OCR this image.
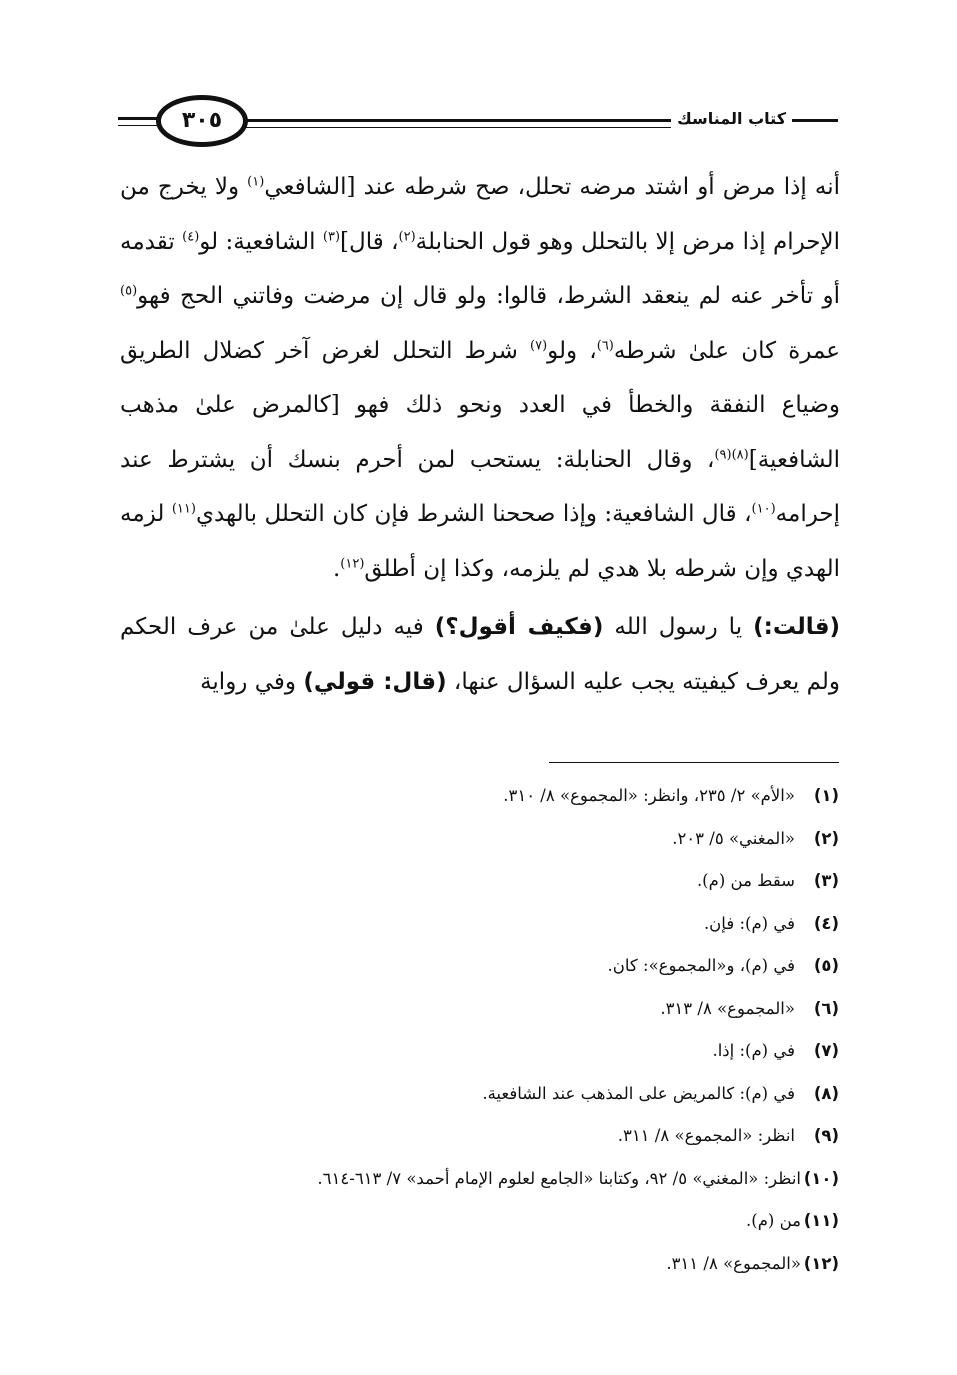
٣٠٥	كتاب المناسك

أنه إذا مرض أو اشتد مرضه تحلل، صح شرطه عند [الشافعي$^{(١)}$ ولا يخرج من الإحرام إذا مرض إلا بالتحلل وهو قول الحنابلة$^{(٢)}$، قال]$^{(٣)}$ الشافعية: لو$^{(٤)}$ تقدمه أو تأخر عنه لم ينعقد الشرط، قالوا: ولو قال إن مرضت وفاتني الحج فهو$^{(٥)}$ عمرة كان علىٰ شرطه$^{(٦)}$، ولو$^{(٧)}$ شرط التحلل لغرض آخر كضلال الطريق وضياع النفقة والخطأ في العدد ونحو ذلك فهو [كالمرض علىٰ مذهب الشافعية]$^{(٨)(٩)}$، وقال الحنابلة: يستحب لمن أحرم بنسك أن يشترط عند إحرامه$^{(١٠)}$، قال الشافعية: وإذا صححنا الشرط فإن كان التحلل بالهدي$^{(١١)}$ لزمه الهدي وإن شرطه بلا هدي لم يلزمه، وكذا إن أطلق$^{(١٢)}$.

(قالت:) يا رسول الله (فكيف أقول؟) فيه دليل علىٰ من عرف الحكم ولم يعرف كيفيته يجب عليه السؤال عنها، (قال: قولي) وفي رواية

(١)«الأم» ٢/ ٢٣٥، وانظر: «المجموع» ٨/ ٣١٠.

(٢)«المغني» ٥/ ٢٠٣.

(٣)سقط من (م).

(٤)في (م): فإن.

(٥)في (م)، و«المجموع»: كان.

(٦)«المجموع» ٨/ ٣١٣.

(٧)في (م): إذا.

(٨)في (م): كالمريض على المذهب عند الشافعية.

(٩)انظر: «المجموع» ٨/ ٣١١.

(١٠)انظر: «المغني» ٥/ ٩٢، وكتابنا «الجامع لعلوم الإمام أحمد» ٧/ ٦١٣-٦١٤.

(١١)من (م).

(١٢)«المجموع» ٨/ ٣١١.
